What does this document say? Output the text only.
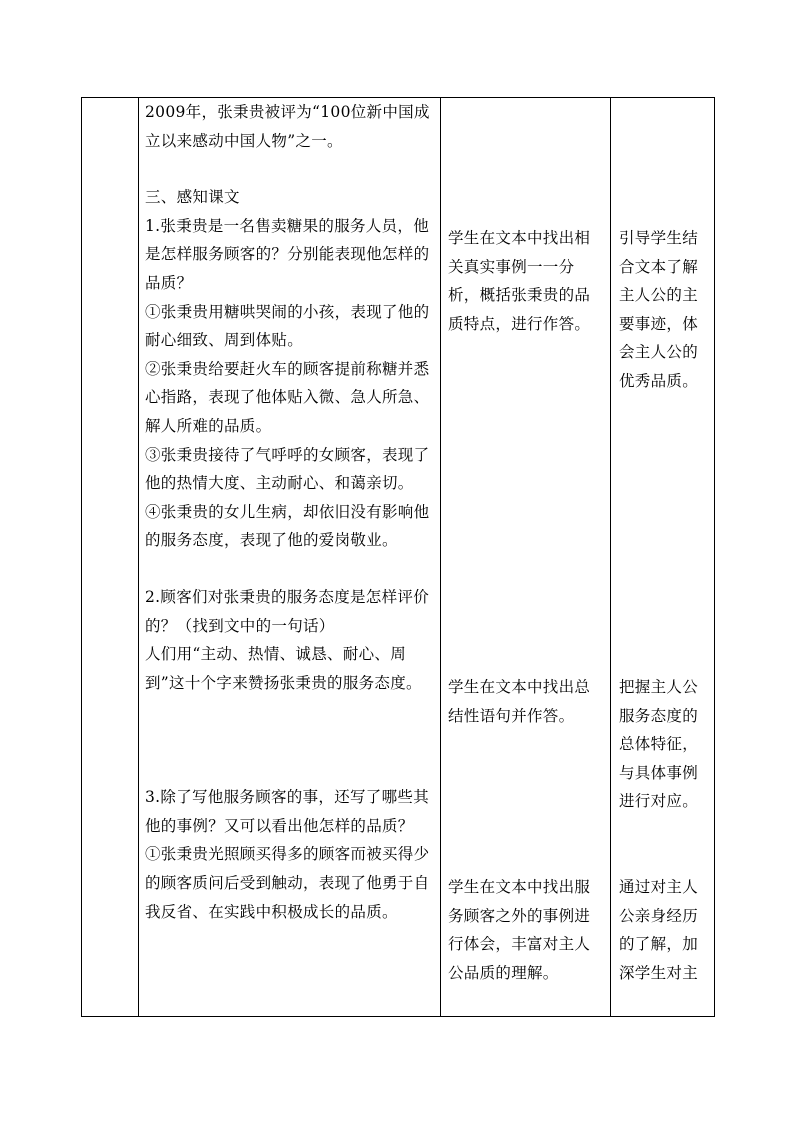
2009年，张秉贵被评为“100位新中国成

立以来感动中国人物”之一。

三、感知课文

1.张秉贵是一名售卖糖果的服务人员，他

是怎样服务顾客的？分别能表现他怎样的

品质？

①张秉贵用糖哄哭闹的小孩，表现了他的

耐心细致、周到体贴。

②张秉贵给要赶火车的顾客提前称糖并悉

心指路，表现了他体贴入微、急人所急、

解人所难的品质。

③张秉贵接待了气呼呼的女顾客，表现了

他的热情大度、主动耐心、和蔼亲切。

④张秉贵的女儿生病，却依旧没有影响他

的服务态度，表现了他的爱岗敬业。

2.顾客们对张秉贵的服务态度是怎样评价

的？（找到文中的一句话）

人们用“主动、热情、诚恳、耐心、周

到”这十个字来赞扬张秉贵的服务态度。

3.除了写他服务顾客的事，还写了哪些其

他的事例？又可以看出他怎样的品质？

①张秉贵光照顾买得多的顾客而被买得少

的顾客质问后受到触动，表现了他勇于自

我反省、在实践中积极成长的品质。

学生在文本中找出相

关真实事例一一分

析，概括张秉贵的品

质特点，进行作答。

学生在文本中找出总

结性语句并作答。

学生在文本中找出服

务顾客之外的事例进

行体会，丰富对主人

公品质的理解。

引导学生结

合文本了解

主人公的主

要事迹，体

会主人公的

优秀品质。

把握主人公

服务态度的

总体特征，

与具体事例

进行对应。

通过对主人

公亲身经历

的了解，加

深学生对主
